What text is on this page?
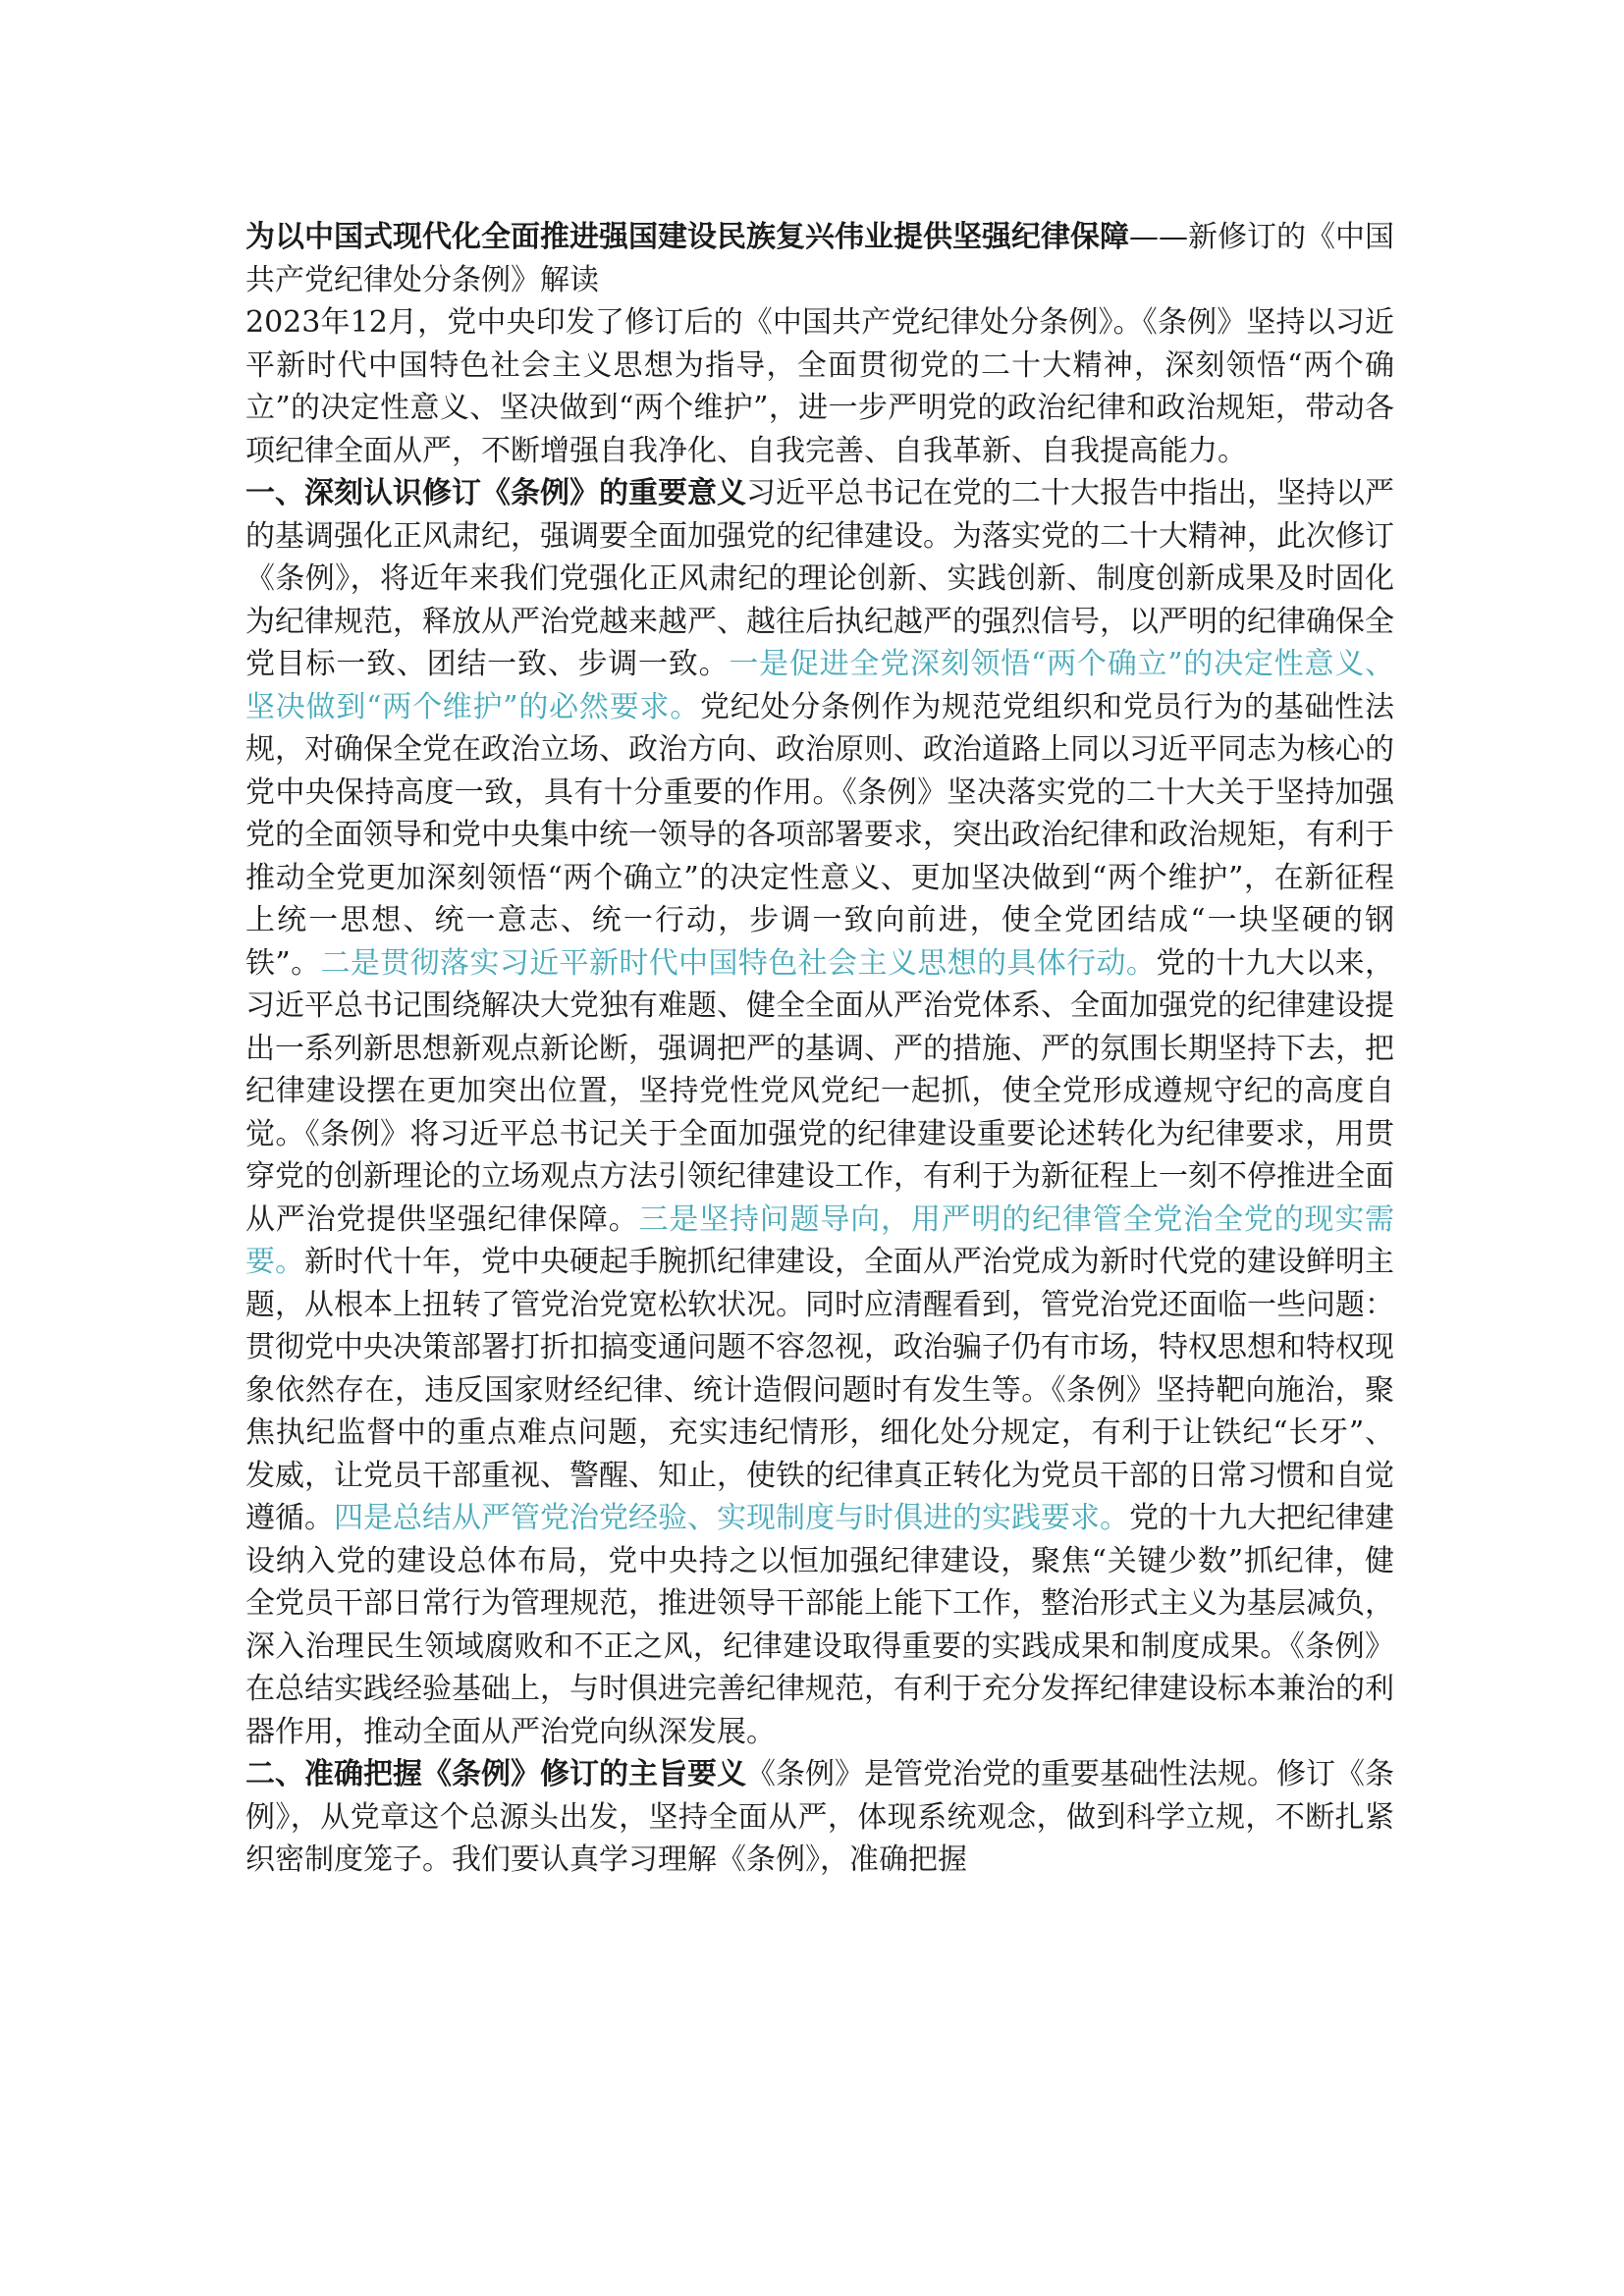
为以中国式现代化全面推进强国建设民族复兴伟业提供坚强纪律保障——新修订的《中国共产党纪律处分条例》解读

2023年12月，党中央印发了修订后的《中国共产党纪律处分条例》。《条例》坚持以习近平新时代中国特色社会主义思想为指导，全面贯彻党的二十大精神，深刻领悟“两个确立”的决定性意义、坚决做到“两个维护”，进一步严明党的政治纪律和政治规矩，带动各项纪律全面从严，不断增强自我净化、自我完善、自我革新、自我提高能力。

一、深刻认识修订《条例》的重要意义习近平总书记在党的二十大报告中指出，坚持以严的基调强化正风肃纪，强调要全面加强党的纪律建设。为落实党的二十大精神，此次修订《条例》，将近年来我们党强化正风肃纪的理论创新、实践创新、制度创新成果及时固化为纪律规范，释放从严治党越来越严、越往后执纪越严的强烈信号，以严明的纪律确保全党目标一致、团结一致、步调一致。一是促进全党深刻领悟“两个确立”的决定性意义、坚决做到“两个维护”的必然要求。党纪处分条例作为规范党组织和党员行为的基础性法规，对确保全党在政治立场、政治方向、政治原则、政治道路上同以习近平同志为核心的党中央保持高度一致，具有十分重要的作用。《条例》坚决落实党的二十大关于坚持加强党的全面领导和党中央集中统一领导的各项部署要求，突出政治纪律和政治规矩，有利于推动全党更加深刻领悟“两个确立”的决定性意义、更加坚决做到“两个维护”，在新征程上统一思想、统一意志、统一行动，步调一致向前进，使全党团结成“一块坚硬的钢铁”。二是贯彻落实习近平新时代中国特色社会主义思想的具体行动。党的十九大以来，习近平总书记围绕解决大党独有难题、健全全面从严治党体系、全面加强党的纪律建设提出一系列新思想新观点新论断，强调把严的基调、严的措施、严的氛围长期坚持下去，把纪律建设摆在更加突出位置，坚持党性党风党纪一起抓，使全党形成遵规守纪的高度自觉。《条例》将习近平总书记关于全面加强党的纪律建设重要论述转化为纪律要求，用贯穿党的创新理论的立场观点方法引领纪律建设工作，有利于为新征程上一刻不停推进全面从严治党提供坚强纪律保障。三是坚持问题导向，用严明的纪律管全党治全党的现实需要。新时代十年，党中央硬起手腕抓纪律建设，全面从严治党成为新时代党的建设鲜明主题，从根本上扭转了管党治党宽松软状况。同时应清醒看到，管党治党还面临一些问题：贯彻党中央决策部署打折扣搞变通问题不容忽视，政治骗子仍有市场，特权思想和特权现象依然存在，违反国家财经纪律、统计造假问题时有发生等。《条例》坚持靶向施治，聚焦执纪监督中的重点难点问题，充实违纪情形，细化处分规定，有利于让铁纪“长牙”、发威，让党员干部重视、警醒、知止，使铁的纪律真正转化为党员干部的日常习惯和自觉遵循。四是总结从严管党治党经验、实现制度与时俱进的实践要求。党的十九大把纪律建设纳入党的建设总体布局，党中央持之以恒加强纪律建设，聚焦“关键少数”抓纪律，健全党员干部日常行为管理规范，推进领导干部能上能下工作，整治形式主义为基层减负，深入治理民生领域腐败和不正之风，纪律建设取得重要的实践成果和制度成果。《条例》在总结实践经验基础上，与时俱进完善纪律规范，有利于充分发挥纪律建设标本兼治的利器作用，推动全面从严治党向纵深发展。

二、准确把握《条例》修订的主旨要义《条例》是管党治党的重要基础性法规。修订《条例》，从党章这个总源头出发，坚持全面从严，体现系统观念，做到科学立规，不断扎紧织密制度笼子。我们要认真学习理解《条例》，准确把握
